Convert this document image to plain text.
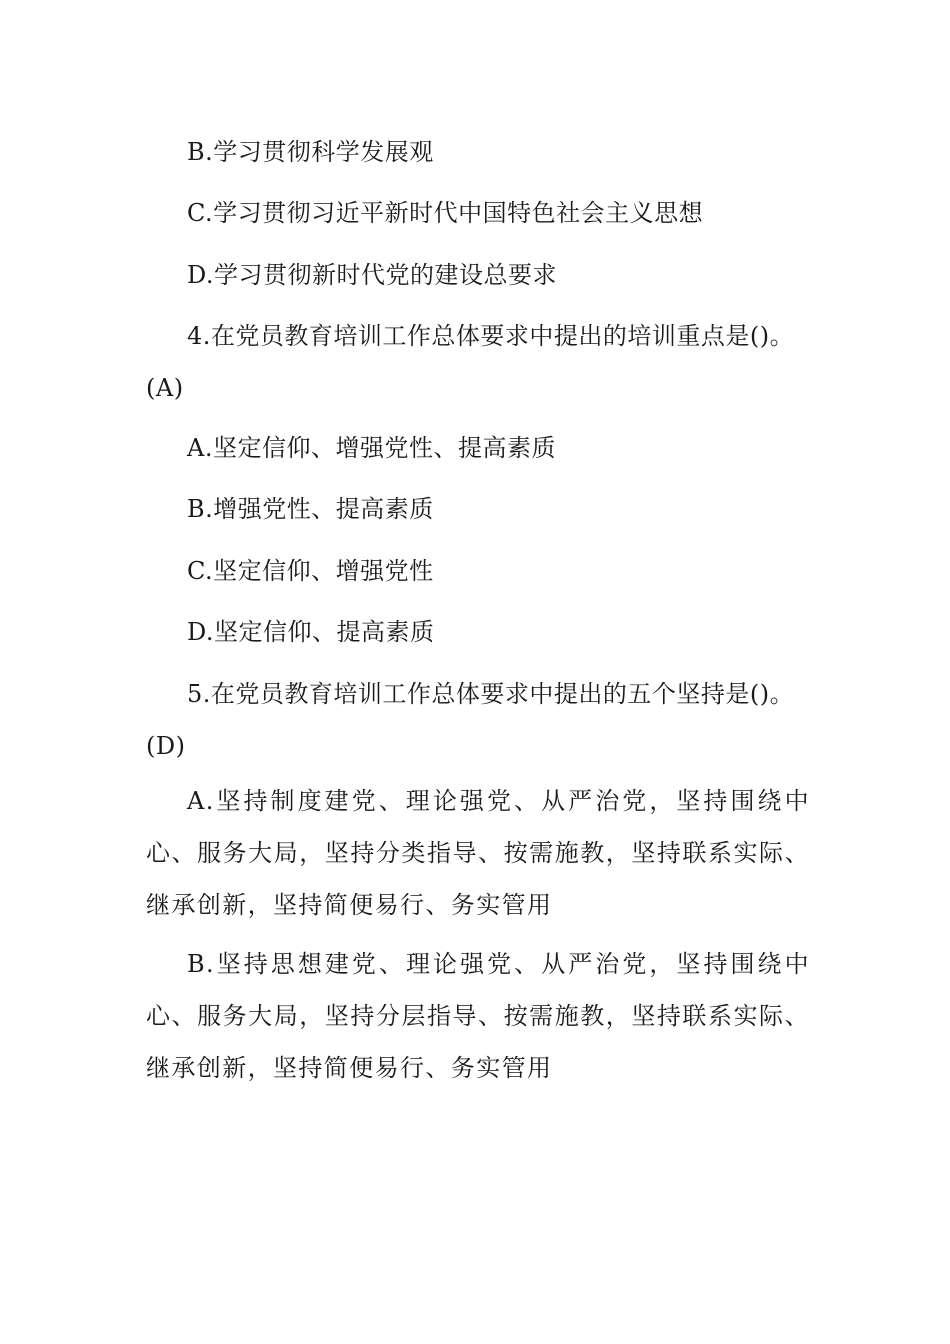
B.学习贯彻科学发展观
C.学习贯彻习近平新时代中国特色社会主义思想
D.学习贯彻新时代党的建设总要求
4.在党员教育培训工作总体要求中提出的培训重点是()。
(A)
A.坚定信仰、增强党性、提高素质
B.增强党性、提高素质
C.坚定信仰、增强党性
D.坚定信仰、提高素质
5.在党员教育培训工作总体要求中提出的五个坚持是()。
(D)
A.坚持制度建党、理论强党、从严治党，坚持围绕中心、服务大局，坚持分类指导、按需施教，坚持联系实际、继承创新，坚持简便易行、务实管用
B.坚持思想建党、理论强党、从严治党，坚持围绕中心、服务大局，坚持分层指导、按需施教，坚持联系实际、继承创新，坚持简便易行、务实管用
